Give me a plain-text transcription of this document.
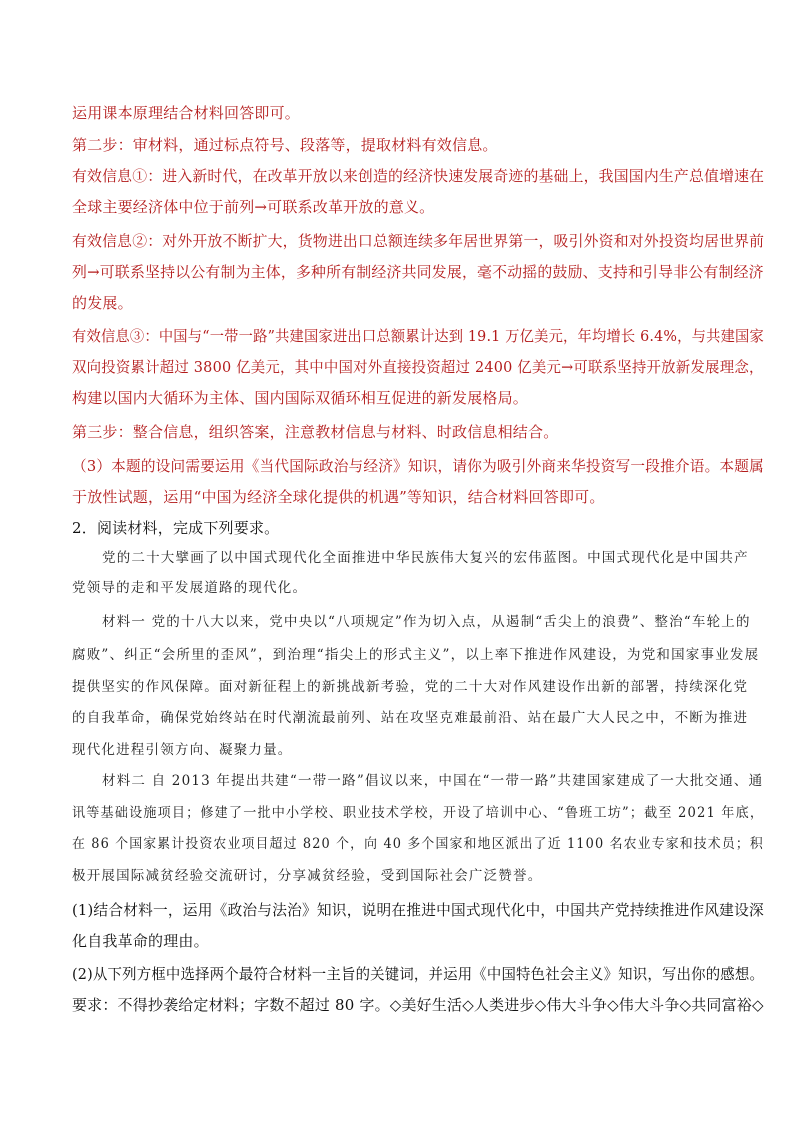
运用课本原理结合材料回答即可。
第二步：审材料，通过标点符号、段落等，提取材料有效信息。
有效信息①：进入新时代，在改革开放以来创造的经济快速发展奇迹的基础上，我国国内生产总值增速在
全球主要经济体中位于前列→可联系改革开放的意义。
有效信息②：对外开放不断扩大，货物进出口总额连续多年居世界第一，吸引外资和对外投资均居世界前
列→可联系坚持以公有制为主体，多种所有制经济共同发展，毫不动摇的鼓励、支持和引导非公有制经济
的发展。
有效信息③：中国与“一带一路”共建国家进出口总额累计达到 19.1 万亿美元，年均增长 6.4%，与共建国家
双向投资累计超过 3800 亿美元，其中中国对外直接投资超过 2400 亿美元→可联系坚持开放新发展理念，
构建以国内大循环为主体、国内国际双循环相互促进的新发展格局。
第三步：整合信息，组织答案，注意教材信息与材料、时政信息相结合。
（3）本题的设问需要运用《当代国际政治与经济》知识，请你为吸引外商来华投资写一段推介语。本题属
于放性试题，运用“中国为经济全球化提供的机遇”等知识，结合材料回答即可。
2．阅读材料，完成下列要求。
党的二十大擘画了以中国式现代化全面推进中华民族伟大复兴的宏伟蓝图。中国式现代化是中国共产
党领导的走和平发展道路的现代化。
材料一 党的十八大以来，党中央以“八项规定”作为切入点，从遏制“舌尖上的浪费”、整治“车轮上的
腐败”、纠正“会所里的歪风”，到治理“指尖上的形式主义”，以上率下推进作风建设，为党和国家事业发展
提供坚实的作风保障。面对新征程上的新挑战新考验，党的二十大对作风建设作出新的部署，持续深化党
的自我革命，确保党始终站在时代潮流最前列、站在攻坚克难最前沿、站在最广大人民之中，不断为推进
现代化进程引领方向、凝聚力量。
材料二 自 2013 年提出共建“一带一路”倡议以来，中国在“一带一路”共建国家建成了一大批交通、通
讯等基础设施项目；修建了一批中小学校、职业技术学校，开设了培训中心、“鲁班工坊”；截至 2021 年底，
在 86 个国家累计投资农业项目超过 820 个，向 40 多个国家和地区派出了近 1100 名农业专家和技术员；积
极开展国际减贫经验交流研讨，分享减贫经验，受到国际社会广泛赞誉。
(1)结合材料一，运用《政治与法治》知识，说明在推进中国式现代化中，中国共产党持续推进作风建设深
化自我革命的理由。
(2)从下列方框中选择两个最符合材料一主旨的关键词，并运用《中国特色社会主义》知识，写出你的感想。
要求：不得抄袭给定材料；字数不超过 80 字。◇美好生活◇人类进步◇伟大斗争◇伟大斗争◇共同富裕◇
